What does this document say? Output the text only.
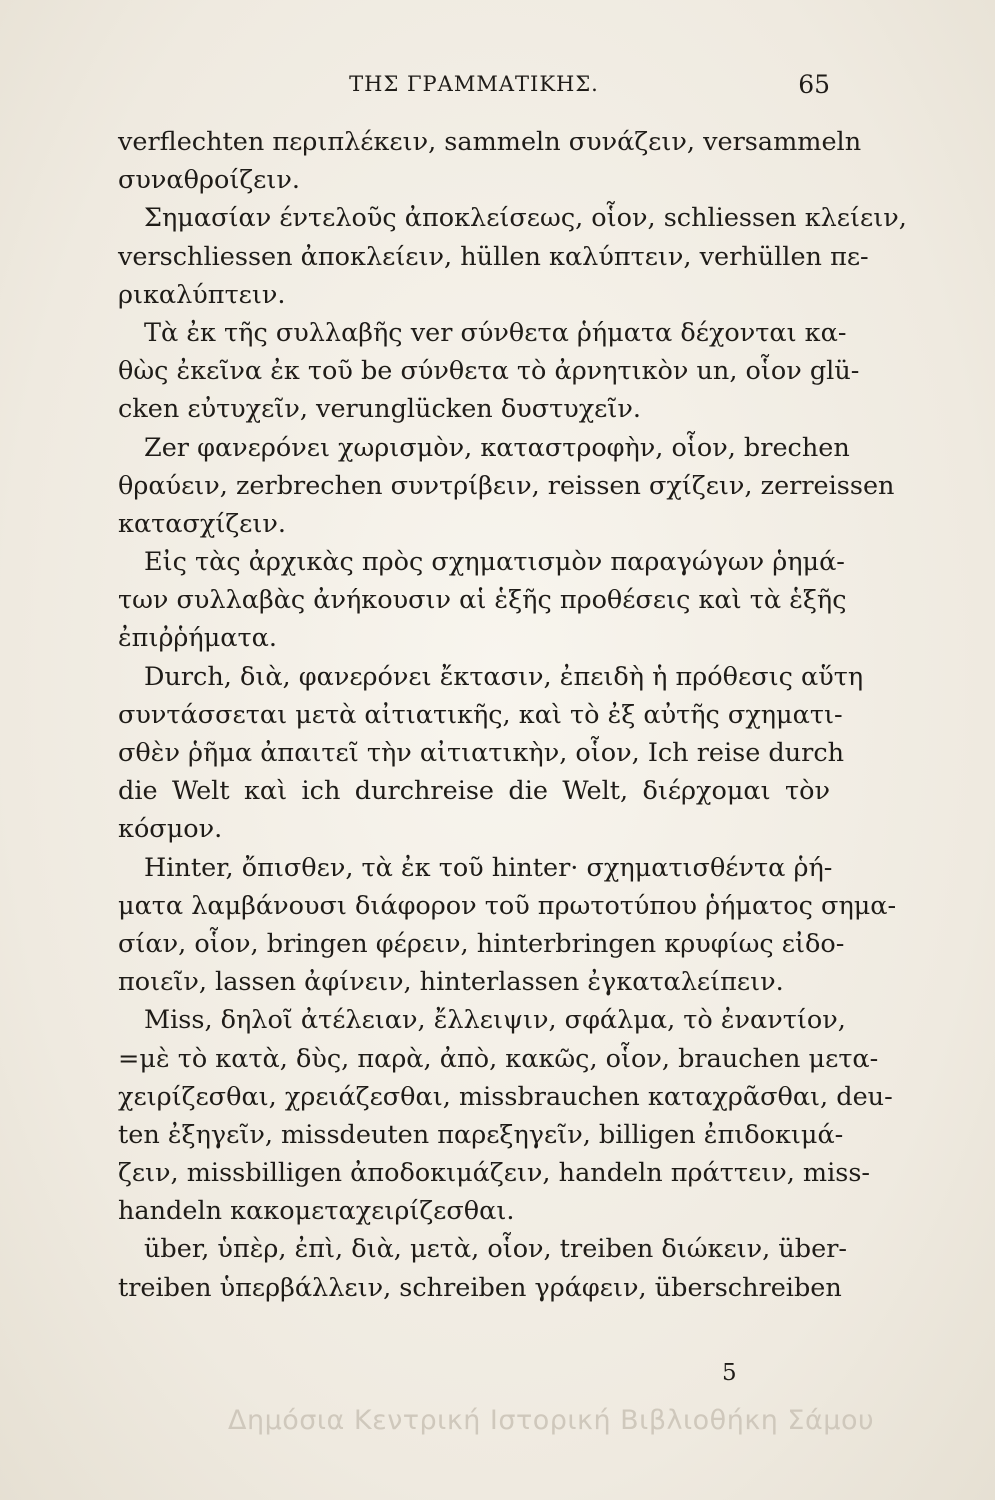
ΤΗΣ ΓΡΑΜΜΑΤΙΚΗΣ.	65
verflechten περιπλέκειν, sammeln συνάζειν, versammeln
συναθροίζειν.
Σημασίαν έντελοῦς ἀποκλείσεως, οἷον, schliessen κλείειν,
verschliessen ἀποκλείειν, hüllen καλύπτειν, verhüllen πε-
ρικαλύπτειν.
Τὰ ἐκ τῆς συλλαβῆς ver σύνθετα ῥήματα δέχονται κα-
θὼς ἐκεῖνα ἐκ τοῦ be σύνθετα τὸ ἀρνητικὸν un, οἷον glü-
cken εὐτυχεῖν, verunglücken δυστυχεῖν.
Zer φανερόνει χωρισμὸν, καταστροφὴν, οἷον, brechen
θραύειν, zerbrechen συντρίβειν, reissen σχίζειν, zerreissen
κατασχίζειν.
Εἰς τὰς ἀρχικὰς πρὸς σχηματισμὸν παραγώγων ῥημά-
των συλλαβὰς ἀνήκουσιν αἱ ἑξῆς προθέσεις καὶ τὰ ἑξῆς
ἐπιῤῥήματα.
Durch, διὰ, φανερόνει ἔκτασιν, ἐπειδὴ ἡ πρόθεσις αὕτη
συντάσσεται μετὰ αἰτιατικῆς, καὶ τὸ ἐξ αὐτῆς σχηματι-
σθὲν ῥῆμα ἀπαιτεῖ τὴν αἰτιατικὴν, οἷον, Ich reise durch
die Welt καὶ ich durchreise die Welt, διέρχομαι τὸν
κόσμον.
Hinter, ὄπισθεν, τὰ ἐκ τοῦ hinter· σχηματισθέντα ῥή-
ματα λαμβάνουσι διάφορον τοῦ πρωτοτύπου ῥήματος σημα-
σίαν, οἷον, bringen φέρειν, hinterbringen κρυφίως εἰδο-
ποιεῖν, lassen ἀφίνειν, hinterlassen ἐγκαταλείπειν.
Miss, δηλοῖ ἀτέλειαν, ἔλλειψιν, σφάλμα, τὸ ἐναντίον,
=μὲ τὸ κατὰ, δὺς, παρὰ, ἀπὸ, κακῶς, οἷον, brauchen μετα-
χειρίζεσθαι, χρειάζεσθαι, missbrauchen καταχρᾶσθαι, deu-
ten ἐξηγεῖν, missdeuten παρεξηγεῖν, billigen ἐπιδοκιμά-
ζειν, missbilligen ἀποδοκιμάζειν, handeln πράττειν, miss-
handeln κακομεταχειρίζεσθαι.
über, ὑπὲρ, ἐπὶ, διὰ, μετὰ, οἷον, treiben διώκειν, über-
treiben ὑπερβάλλειν, schreiben γράφειν, überschreiben
5
Δημόσια Κεντρική Ιστορική Βιβλιοθήκη Σάμου
